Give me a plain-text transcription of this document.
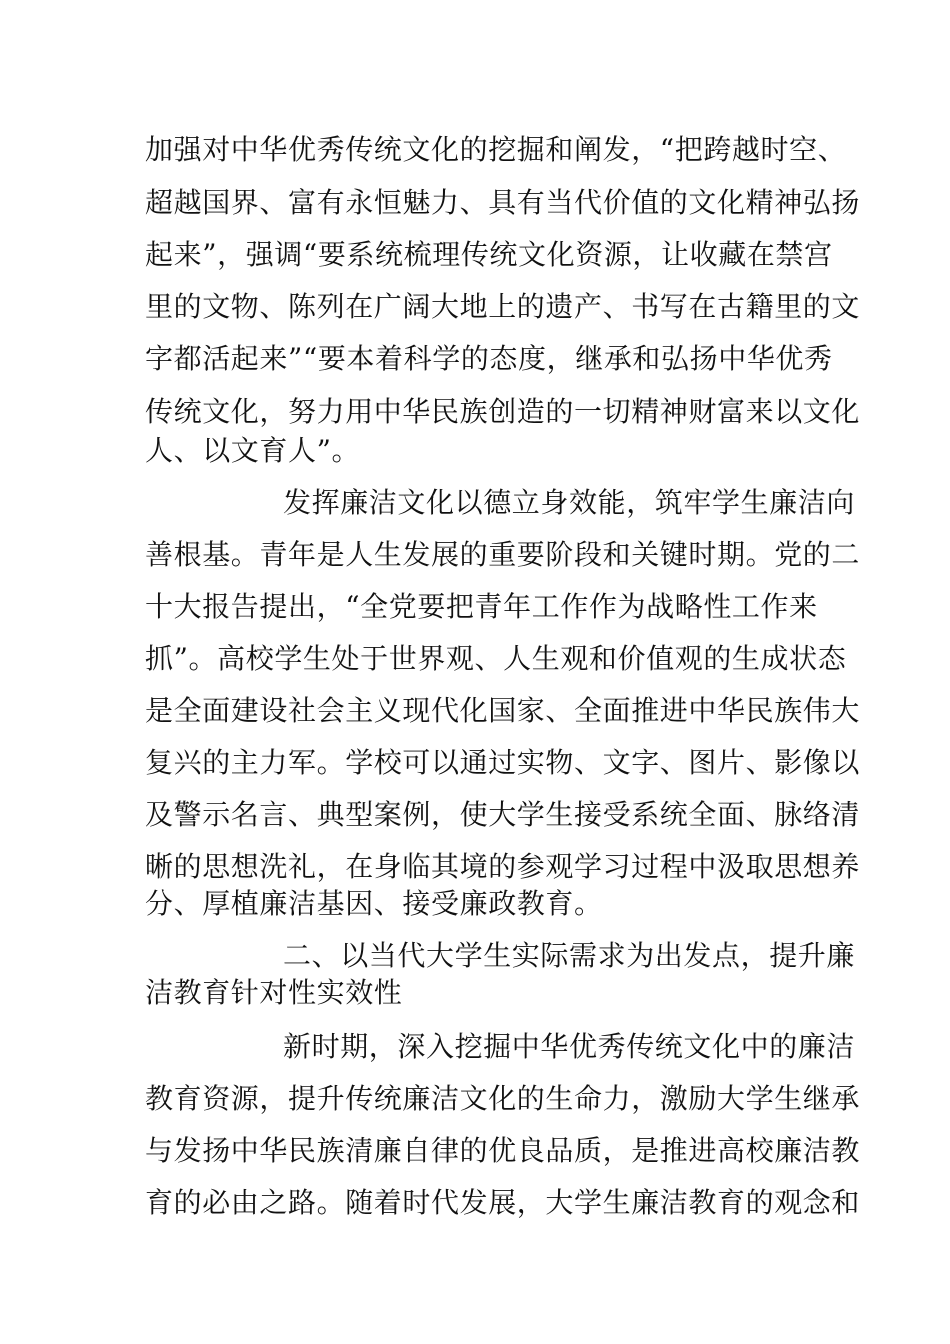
加强对中华优秀传统文化的挖掘和阐发，“把跨越时空、
超越国界、富有永恒魅力、具有当代价值的文化精神弘扬
起来”，强调“要系统梳理传统文化资源，让收藏在禁宫
里的文物、陈列在广阔大地上的遗产、书写在古籍里的文
字都活起来”“要本着科学的态度，继承和弘扬中华优秀
传统文化，努力用中华民族创造的一切精神财富来以文化
人、以文育人”。
发挥廉洁文化以德立身效能，筑牢学生廉洁向
善根基。青年是人生发展的重要阶段和关键时期。党的二
十大报告提出，“全党要把青年工作作为战略性工作来
抓”。高校学生处于世界观、人生观和价值观的生成状态
是全面建设社会主义现代化国家、全面推进中华民族伟大
复兴的主力军。学校可以通过实物、文字、图片、影像以
及警示名言、典型案例，使大学生接受系统全面、脉络清
晰的思想洗礼，在身临其境的参观学习过程中汲取思想养
分、厚植廉洁基因、接受廉政教育。
二、以当代大学生实际需求为出发点，提升廉
洁教育针对性实效性
新时期，深入挖掘中华优秀传统文化中的廉洁
教育资源，提升传统廉洁文化的生命力，激励大学生继承
与发扬中华民族清廉自律的优良品质，是推进高校廉洁教
育的必由之路。随着时代发展，大学生廉洁教育的观念和
